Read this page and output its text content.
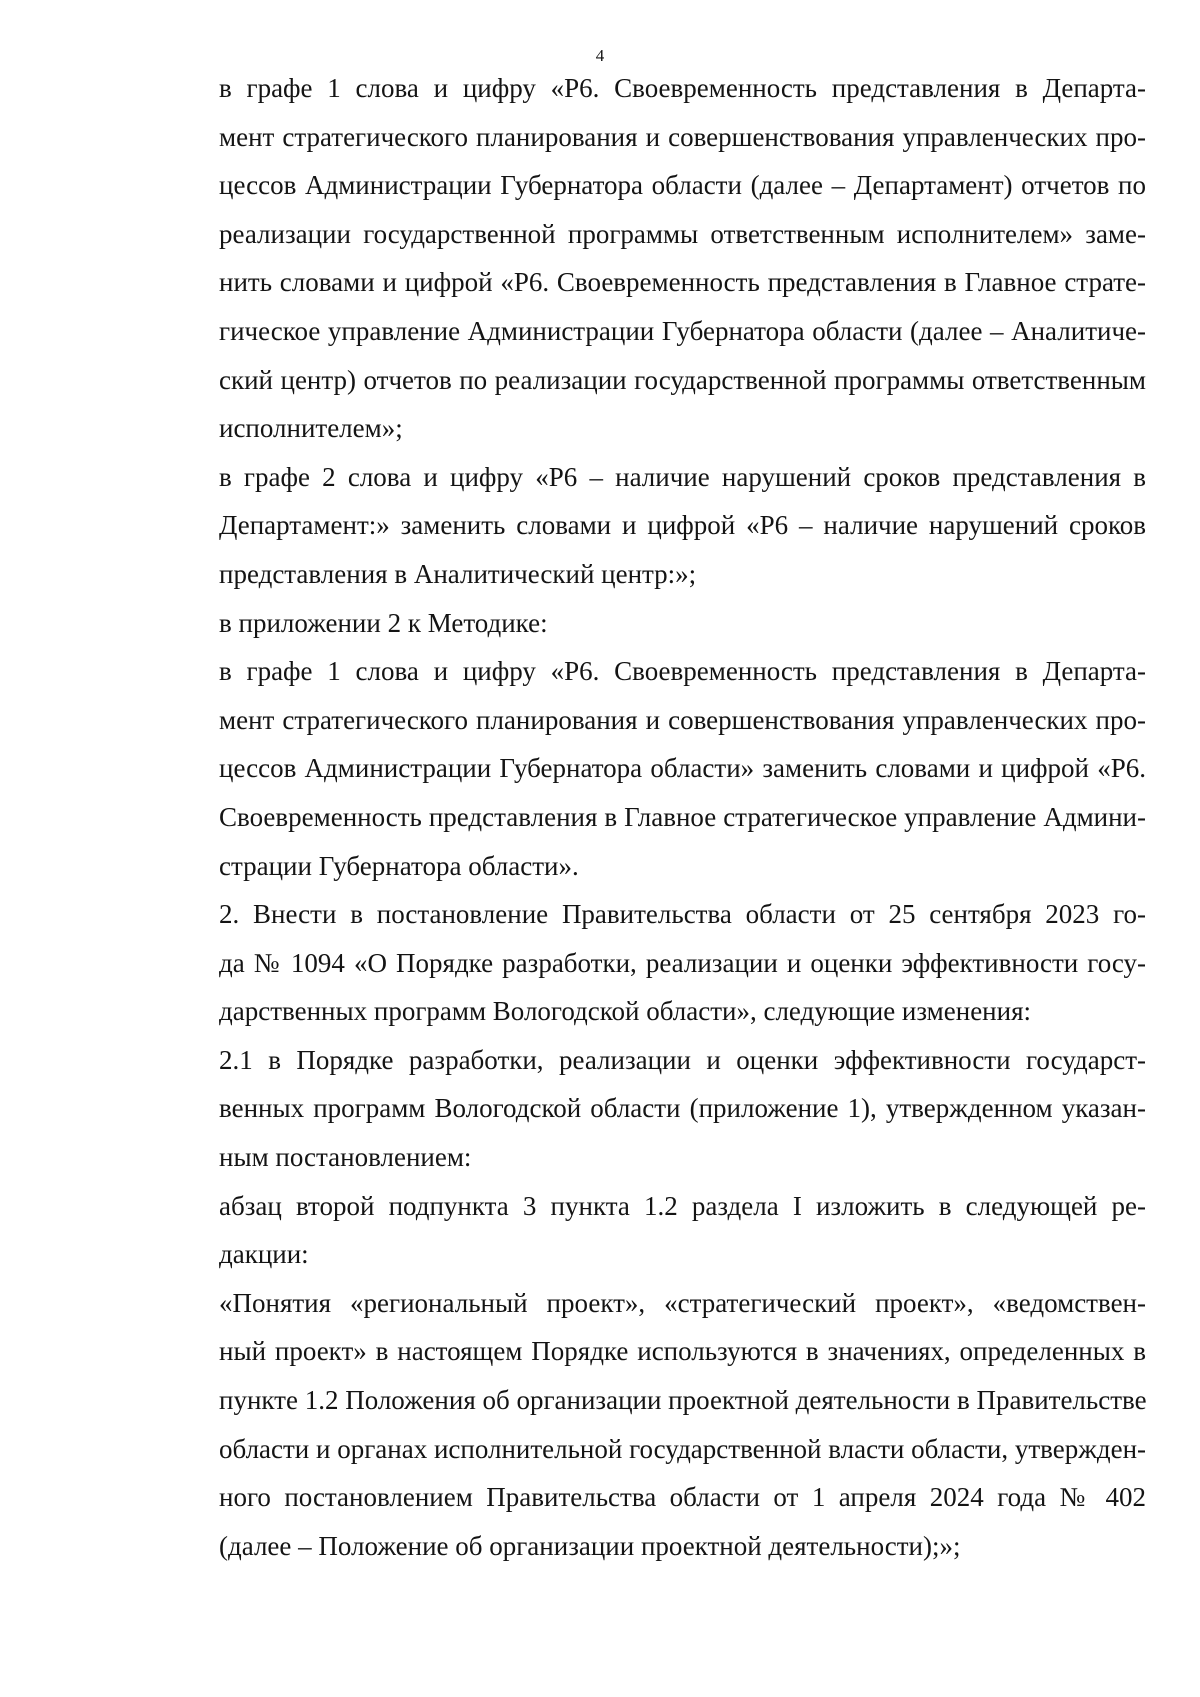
4

в графе 1 слова и цифру «Р6. Своевременность представления в Департа-
мент стратегического планирования и совершенствования управленческих про-
цессов Администрации Губернатора области (далее – Департамент) отчетов по
реализации государственной программы ответственным исполнителем» заме-
нить словами и цифрой «Р6. Своевременность представления в Главное страте-
гическое управление Администрации Губернатора области (далее – Аналитиче-
ский центр) отчетов по реализации государственной программы ответственным
исполнителем»;

в графе 2 слова и цифру «Р6 – наличие нарушений сроков представления в
Департамент:» заменить словами и цифрой «Р6 – наличие нарушений сроков
представления в Аналитический центр:»;

в приложении 2 к Методике:

в графе 1 слова и цифру «Р6. Своевременность представления в Департа-
мент стратегического планирования и совершенствования управленческих про-
цессов Администрации Губернатора области» заменить словами и цифрой «Р6.
Своевременность представления в Главное стратегическое управление Админи-
страции Губернатора области».

2. Внести в постановление Правительства области от 25 сентября 2023 го-
да № 1094 «О Порядке разработки, реализации и оценки эффективности госу-
дарственных программ Вологодской области», следующие изменения:

2.1 в Порядке разработки, реализации и оценки эффективности государст-
венных программ Вологодской области (приложение 1), утвержденном указан-
ным постановлением:

абзац второй подпункта 3 пункта 1.2 раздела I изложить в следующей ре-
дакции:

«Понятия «региональный проект», «стратегический проект», «ведомствен-
ный проект» в настоящем Порядке используются в значениях, определенных в
пункте 1.2 Положения об организации проектной деятельности в Правительстве
области и органах исполнительной государственной власти области, утвержден-
ного постановлением Правительства области от 1 апреля 2024 года № 402
(далее – Положение об организации проектной деятельности);»;
